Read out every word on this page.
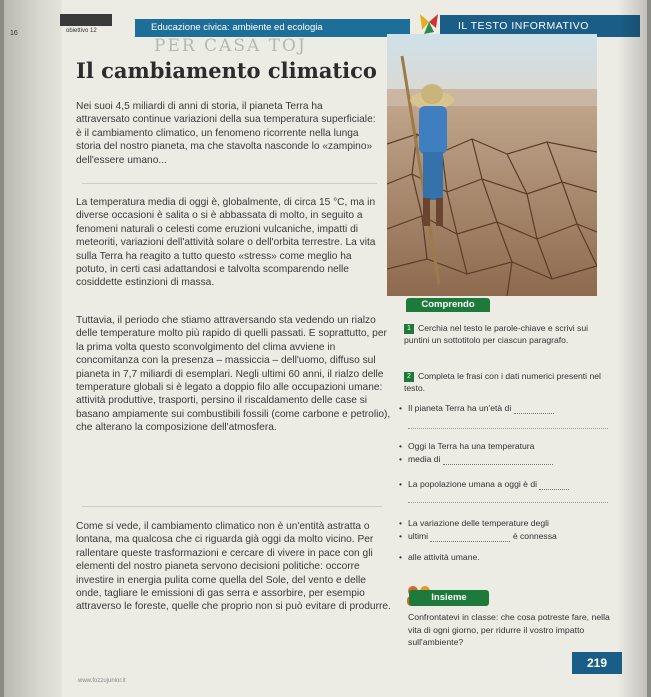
obiettivo 12
16
Educazione civica: ambiente ed ecologia	IL TESTO INFORMATIVO
PER CASA TOJ
Il cambiamento climatico

Nei suoi 4,5 miliardi di anni di storia, il pianeta Terra ha attraversato continue variazioni della sua temperatura superficiale: è il cambiamento climatico, un fenomeno ricorrente nella lunga storia del nostro pianeta, ma che stavolta nasconde lo «zampino» dell'essere umano...

La temperatura media di oggi è, globalmente, di circa 15 °C, ma in diverse occasioni è salita o si è abbassata di molto, in seguito a fenomeni naturali o celesti come eruzioni vulcaniche, impatti di meteoriti, variazioni dell'attività solare o dell'orbita terrestre. La vita sulla Terra ha reagito a tutto questo «stress» come meglio ha potuto, in certi casi adattandosi e talvolta scomparendo nelle cosiddette estinzioni di massa.

Tuttavia, il periodo che stiamo attraversando sta vedendo un rialzo delle temperature molto più rapido di quelli passati. E soprattutto, per la prima volta questo sconvolgimento del clima avviene in concomitanza con la presenza – massiccia – dell'uomo, diffuso sul pianeta in 7,7 miliardi di esemplari. Negli ultimi 60 anni, il rialzo delle temperature globali si è legato a doppio filo alle occupazioni umane: attività produttive, trasporti, persino il riscaldamento delle case si basano ampiamente sui combustibili fossili (come carbone e petrolio), che alterano la composizione dell'atmosfera.

Come si vede, il cambiamento climatico non è un'entità astratta o lontana, ma qualcosa che ci riguarda già oggi da molto vicino. Per rallentare queste trasformazioni e cercare di vivere in pace con gli elementi del nostro pianeta servono decisioni politiche: occorre investire in energia pulita come quella del Sole, del vento e delle onde, tagliare le emissioni di gas serra e assorbire, per esempio attraverso le foreste, quelle che proprio non si può evitare di produrre.

Comprendo
1 Cerchia nel testo le parole-chiave e scrivi sui puntini un sottotitolo per ciascun paragrafo.
2 Completa le frasi con i dati numerici presenti nel testo.
• Il pianeta Terra ha un'età di
• Oggi la Terra ha una temperatura
• media di
• La popolazione umana a oggi è di
• La variazione delle temperature degli
• ultimi	è connessa
• alle attività umane.
Insieme
Confrontatevi in classe: che cosa potreste fare, nella vita di ogni giorno, per ridurre il vostro impatto sull'ambiente?
219
www.fozzujunior.it
